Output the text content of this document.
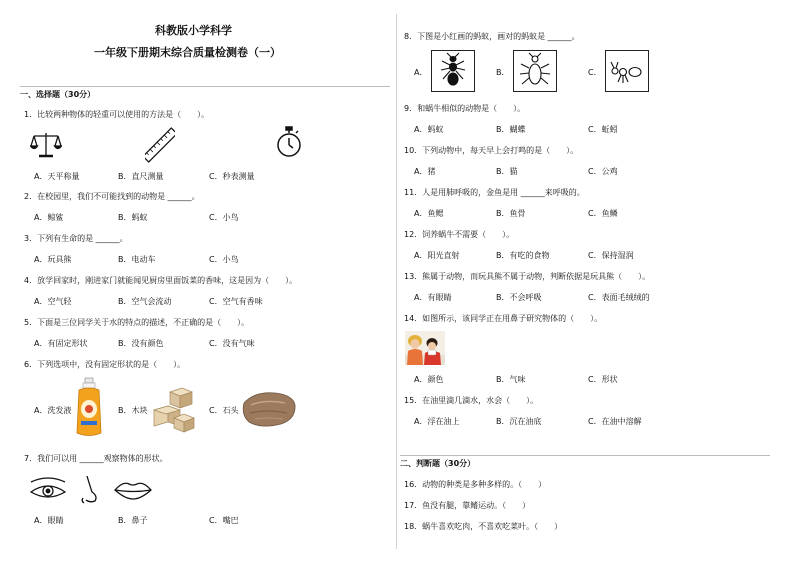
科教版小学科学
一年级下册期末综合质量检测卷（一）
一、选择题（30分）
1．比较两种物体的轻重可以使用的方法是（　　）。
A．天平称量	B．直尺测量	C．秒表测量
2．在校园里，我们不可能找到的动物是 ______。
A．鲸鲨	B．蚂蚁	C．小鸟
3．下列有生命的是 ______。
A．玩具熊	B．电动车	C．小鸟
4．放学回家时，刚进家门就能闻见厨房里面饭菜的香味，这是因为（　　）。
A．空气轻	B．空气会流动	C．空气有香味
5．下面是三位同学关于水的特点的描述，不正确的是（　　）。
A．有固定形状	B．没有颜色	C．没有气味
6．下列选项中，没有固定形状的是（　　）。
A．洗发液	B．木块	C．石头
7．我们可以用 ______观察物体的形状。
A．眼睛	B．鼻子	C．嘴巴
8．下图是小红画的蚂蚁，画对的蚂蚁是 ______。
A．	B．	C．
9．和蜗牛相似的动物是（　　）。
A．蚂蚁	B．蝴蝶	C．蚯蚓
10．下列动物中，每天早上会打鸣的是（　　）。
A．猪	B．猫	C．公鸡
11．人是用肺呼吸的，金鱼是用 ______来呼吸的。
A．鱼鳃	B．鱼骨	C．鱼鳞
12．饲养蜗牛不需要（　　）。
A．阳光直射	B．有吃的食物	C．保持湿润
13．熊属于动物，而玩具熊不属于动物，判断依据是玩具熊（　　）。
A．有眼睛	B．不会呼吸	C．表面毛绒绒的
14．如图所示，该同学正在用鼻子研究物体的（　　）。
A．颜色	B．气味	C．形状
15．在油里滴几滴水，水会（　　）。
A．浮在油上	B．沉在油底	C．在油中溶解
二、判断题（30分）
16．动物的种类是多种多样的。（　　）
17．鱼没有腿，靠鳍运动。（　　）
18．蜗牛喜欢吃肉，不喜欢吃菜叶。（　　）
